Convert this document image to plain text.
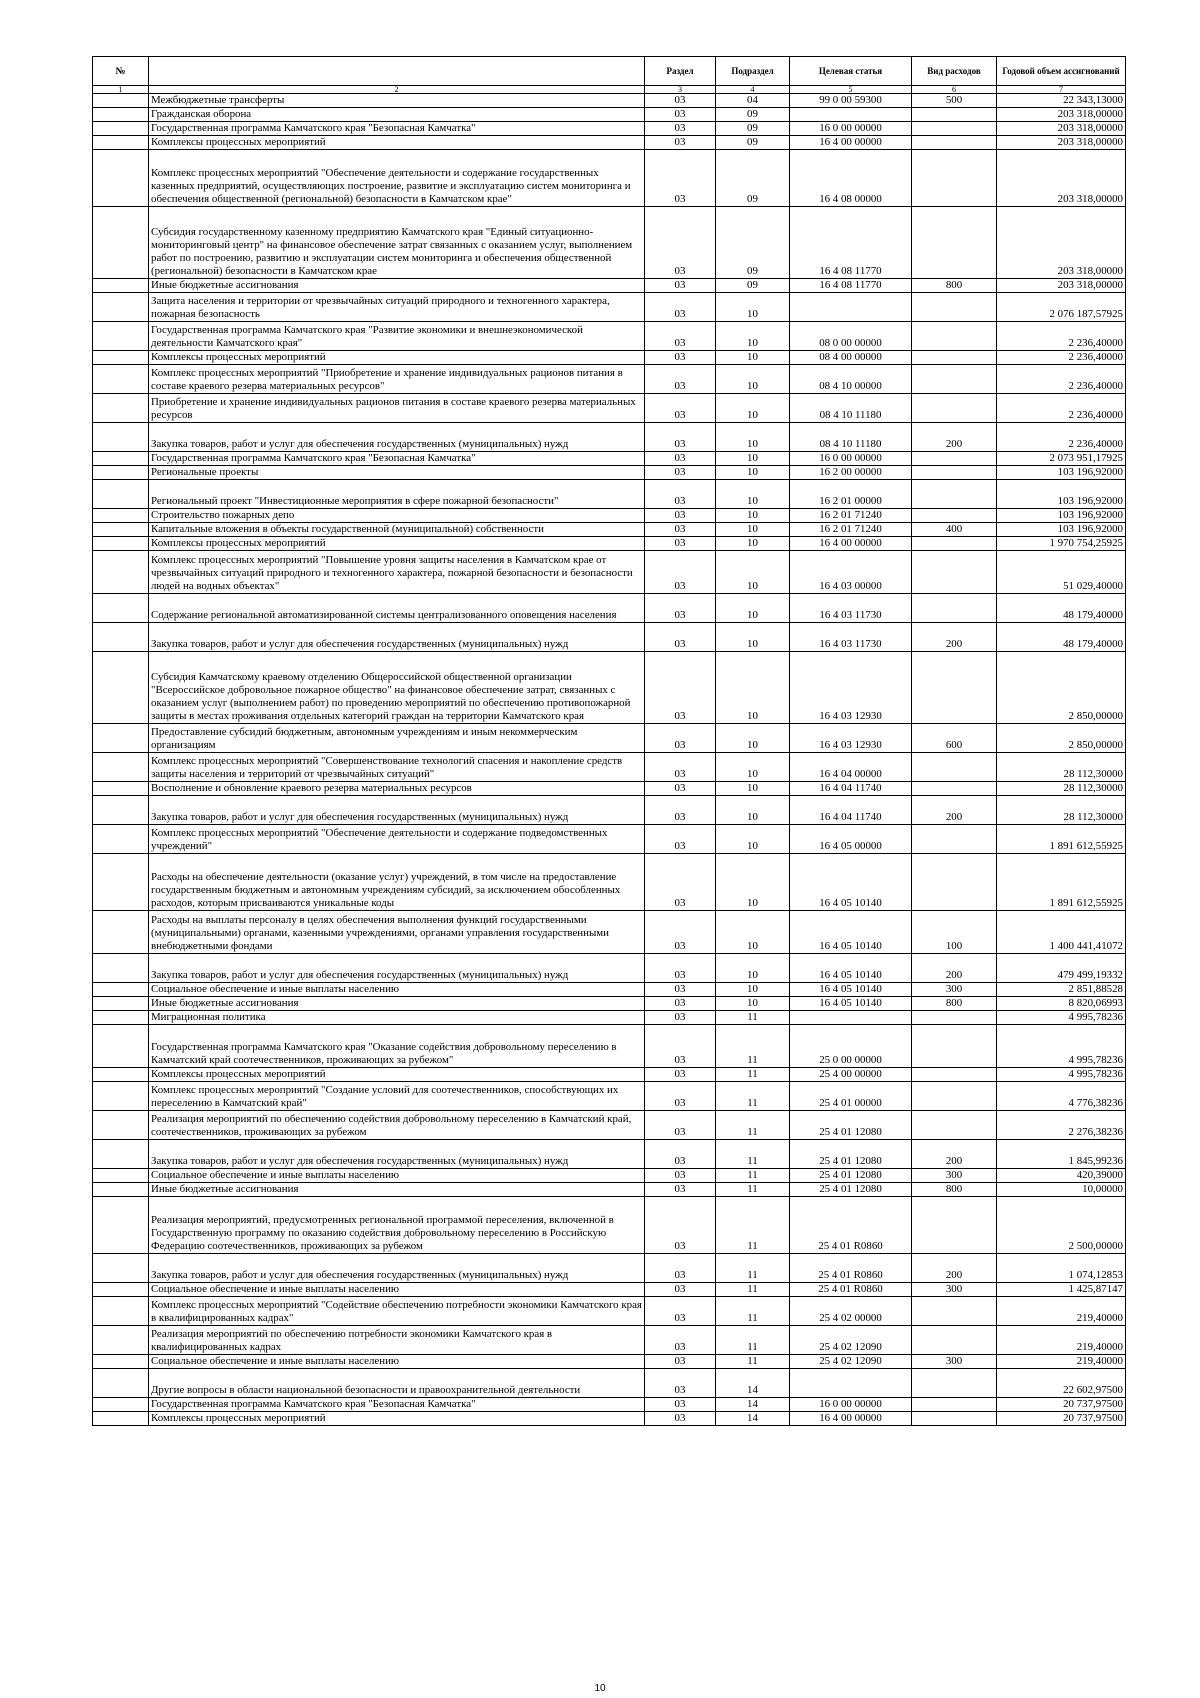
№		Раздел	Подраздел	Целевая статья	Вид расходов	Годовой объем ассигнований
1	2	3	4	5	6	7
	Межбюджетные трансферты	03	04	99 0 00 59300	500	22 343,13000
	Гражданская оборона	03	09			203 318,00000
	Государственная программа Камчатского края "Безопасная Камчатка"	03	09	16 0 00 00000		203 318,00000
	Комплексы процессных мероприятий	03	09	16 4 00 00000		203 318,00000
	Комплекс процессных мероприятий "Обеспечение деятельности и содержание государственных казенных предприятий, осуществляющих построение, развитие и эксплуатацию систем мониторинга и обеспечения общественной (региональной) безопасности в Камчатском крае"	03	09	16 4 08 00000		203 318,00000
	Субсидия государственному казенному предприятию Камчатского края "Единый ситуационно-мониторинговый центр" на финансовое обеспечение затрат связанных с оказанием услуг, выполнением работ по построению, развитию и эксплуатации систем мониторинга и обеспечения общественной (региональной) безопасности в Камчатском крае	03	09	16 4 08 11770		203 318,00000
	Иные бюджетные ассигнования	03	09	16 4 08 11770	800	203 318,00000
	Защита населения и территории от чрезвычайных ситуаций природного и техногенного характера, пожарная безопасность	03	10			2 076 187,57925
	Государственная программа Камчатского края "Развитие экономики и внешнеэкономической деятельности Камчатского края"	03	10	08 0 00 00000		2 236,40000
	Комплексы процессных мероприятий	03	10	08 4 00 00000		2 236,40000
	Комплекс процессных мероприятий "Приобретение и хранение индивидуальных рационов питания в составе краевого резерва материальных ресурсов"	03	10	08 4 10 00000		2 236,40000
	Приобретение и хранение индивидуальных рационов питания в составе краевого резерва материальных ресурсов	03	10	08 4 10 11180		2 236,40000
	Закупка товаров, работ и услуг для обеспечения государственных (муниципальных) нужд	03	10	08 4 10 11180	200	2 236,40000
	Государственная программа Камчатского края "Безопасная Камчатка"	03	10	16 0 00 00000		2 073 951,17925
	Региональные проекты	03	10	16 2 00 00000		103 196,92000
	Региональный проект "Инвестиционные мероприятия в сфере пожарной безопасности"	03	10	16 2 01 00000		103 196,92000
	Строительство пожарных депо	03	10	16 2 01 71240		103 196,92000
	Капитальные вложения в объекты государственной (муниципальной) собственности	03	10	16 2 01 71240	400	103 196,92000
	Комплексы процессных мероприятий	03	10	16 4 00 00000		1 970 754,25925
	Комплекс процессных мероприятий "Повышение уровня защиты населения в Камчатском крае от чрезвычайных ситуаций природного и техногенного характера, пожарной безопасности и безопасности людей на водных объектах"	03	10	16 4 03 00000		51 029,40000
	Содержание региональной автоматизированной системы централизованного оповещения населения	03	10	16 4 03 11730		48 179,40000
	Закупка товаров, работ и услуг для обеспечения государственных (муниципальных) нужд	03	10	16 4 03 11730	200	48 179,40000
	Субсидия Камчатскому краевому отделению Общероссийской общественной организации "Всероссийское добровольное пожарное общество" на финансовое обеспечение затрат, связанных с оказанием услуг (выполнением работ) по проведению мероприятий по обеспечению противопожарной защиты в местах проживания отдельных категорий граждан на территории Камчатского края	03	10	16 4 03 12930		2 850,00000
	Предоставление субсидий бюджетным, автономным учреждениям и иным некоммерческим организациям	03	10	16 4 03 12930	600	2 850,00000
	Комплекс процессных мероприятий "Совершенствование технологий спасения и накопление средств защиты населения и территорий от чрезвычайных ситуаций"	03	10	16 4 04 00000		28 112,30000
	Восполнение и обновление краевого резерва материальных ресурсов	03	10	16 4 04 11740		28 112,30000
	Закупка товаров, работ и услуг для обеспечения государственных (муниципальных) нужд	03	10	16 4 04 11740	200	28 112,30000
	Комплекс процессных мероприятий "Обеспечение деятельности и содержание подведомственных учреждений"	03	10	16 4 05 00000		1 891 612,55925
	Расходы на обеспечение деятельности (оказание услуг) учреждений, в том числе на предоставление государственным бюджетным и автономным учреждениям субсидий, за исключением обособленных расходов, которым присваиваются уникальные коды	03	10	16 4 05 10140		1 891 612,55925
	Расходы на выплаты персоналу в целях обеспечения выполнения функций государственными (муниципальными) органами, казенными учреждениями, органами управления государственными внебюджетными фондами	03	10	16 4 05 10140	100	1 400 441,41072
	Закупка товаров, работ и услуг для обеспечения государственных (муниципальных) нужд	03	10	16 4 05 10140	200	479 499,19332
	Социальное обеспечение и иные выплаты населению	03	10	16 4 05 10140	300	2 851,88528
	Иные бюджетные ассигнования	03	10	16 4 05 10140	800	8 820,06993
	Миграционная политика	03	11			4 995,78236
	Государственная программа Камчатского края "Оказание содействия добровольному переселению в Камчатский край соотечественников, проживающих за рубежом"	03	11	25 0 00 00000		4 995,78236
	Комплексы процессных мероприятий	03	11	25 4 00 00000		4 995,78236
	Комплекс процессных мероприятий "Создание условий для соотечественников, способствующих их переселению в Камчатский край"	03	11	25 4 01 00000		4 776,38236
	Реализация мероприятий по обеспечению содействия добровольному переселению в Камчатский край, соотечественников, проживающих за рубежом	03	11	25 4 01 12080		2 276,38236
	Закупка товаров, работ и услуг для обеспечения государственных (муниципальных) нужд	03	11	25 4 01 12080	200	1 845,99236
	Социальное обеспечение и иные выплаты населению	03	11	25 4 01 12080	300	420,39000
	Иные бюджетные ассигнования	03	11	25 4 01 12080	800	10,00000
	Реализация мероприятий, предусмотренных региональной программой переселения, включенной в Государственную программу по оказанию содействия добровольному переселению в Российскую Федерацию соотечественников, проживающих за рубежом	03	11	25 4 01 R0860		2 500,00000
	Закупка товаров, работ и услуг для обеспечения государственных (муниципальных) нужд	03	11	25 4 01 R0860	200	1 074,12853
	Социальное обеспечение и иные выплаты населению	03	11	25 4 01 R0860	300	1 425,87147
	Комплекс процессных мероприятий "Содействие обеспечению потребности экономики Камчатского края в квалифицированных кадрах"	03	11	25 4 02 00000		219,40000
	Реализация мероприятий по обеспечению потребности экономики Камчатского края в квалифицированных кадрах	03	11	25 4 02 12090		219,40000
	Социальное обеспечение и иные выплаты населению	03	11	25 4 02 12090	300	219,40000
	Другие вопросы в области национальной безопасности и правоохранительной деятельности	03	14			22 602,97500
	Государственная программа Камчатского края "Безопасная Камчатка"	03	14	16 0 00 00000		20 737,97500
	Комплексы процессных мероприятий	03	14	16 4 00 00000		20 737,97500
10
